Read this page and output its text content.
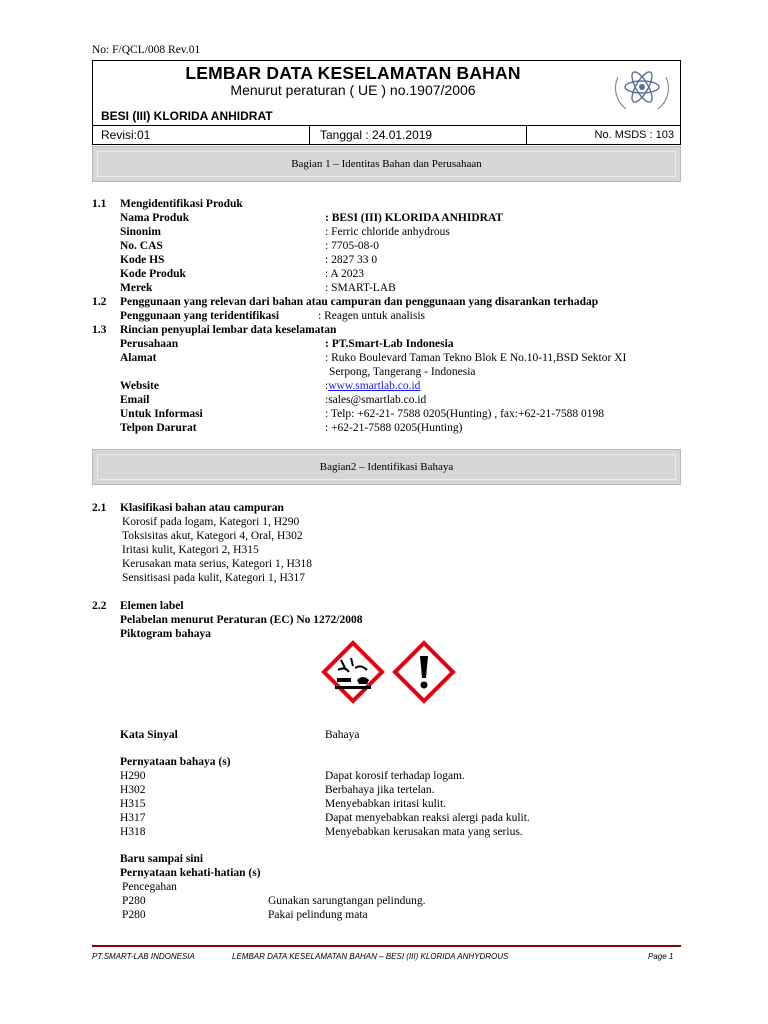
No: F/QCL/008 Rev.01
LEMBAR DATA KESELAMATAN BAHAN
Menurut peraturan ( UE ) no.1907/2006
BESI (III) KLORIDA ANHIDRAT
Revisi:01	Tanggal : 24.01.2019	No. MSDS : 103
Bagian 1 – Identitas Bahan dan Perusahaan
1.1 Mengidentifikasi Produk
Nama Produk	: BESI (III) KLORIDA ANHIDRAT
Sinonim	: Ferric chloride anhydrous
No. CAS	: 7705-08-0
Kode HS	: 2827 33 0
Kode Produk	: A 2023
Merek	: SMART-LAB
1.2 Penggunaan yang relevan dari bahan atau campuran dan penggunaan yang disarankan terhadap
Penggunaan yang teridentifikasi	: Reagen untuk analisis
1.3 Rincian penyuplai lembar data keselamatan
Perusahaan	: PT.Smart-Lab Indonesia
Alamat	: Ruko Boulevard Taman Tekno Blok E No.10-11,BSD Sektor XI
Serpong, Tangerang - Indonesia
Website	:www.smartlab.co.id
Email	:sales@smartlab.co.id
Untuk Informasi	: Telp: +62-21- 7588 0205(Hunting) , fax:+62-21-7588 0198
Telpon Darurat	: +62-21-7588 0205(Hunting)
Bagian2 – Identifikasi Bahaya
2.1 Klasifikasi bahan atau campuran
Korosif pada logam, Kategori 1, H290
Toksisitas akut, Kategori 4, Oral, H302
Iritasi kulit, Kategori 2, H315
Kerusakan mata serius, Kategori 1, H318
Sensitisasi pada kulit, Kategori 1, H317
2.2 Elemen label
Pelabelan menurut Peraturan (EC) No 1272/2008
Piktogram bahaya
Kata Sinyal	Bahaya
Pernyataan bahaya (s)
H290	Dapat korosif terhadap logam.
H302	Berbahaya jika tertelan.
H315	Menyebabkan iritasi kulit.
H317	Dapat menyebabkan reaksi alergi pada kulit.
H318	Menyebabkan kerusakan mata yang serius.
Baru sampai sini
Pernyataan kehati-hatian (s)
Pencegahan
P280	Gunakan sarungtangan pelindung.
P280	Pakai pelindung mata
PT.SMART-LAB INDONESIA	LEMBAR DATA KESELAMATAN BAHAN – BESI (III) KLORIDA ANHYDROUS	Page 1
